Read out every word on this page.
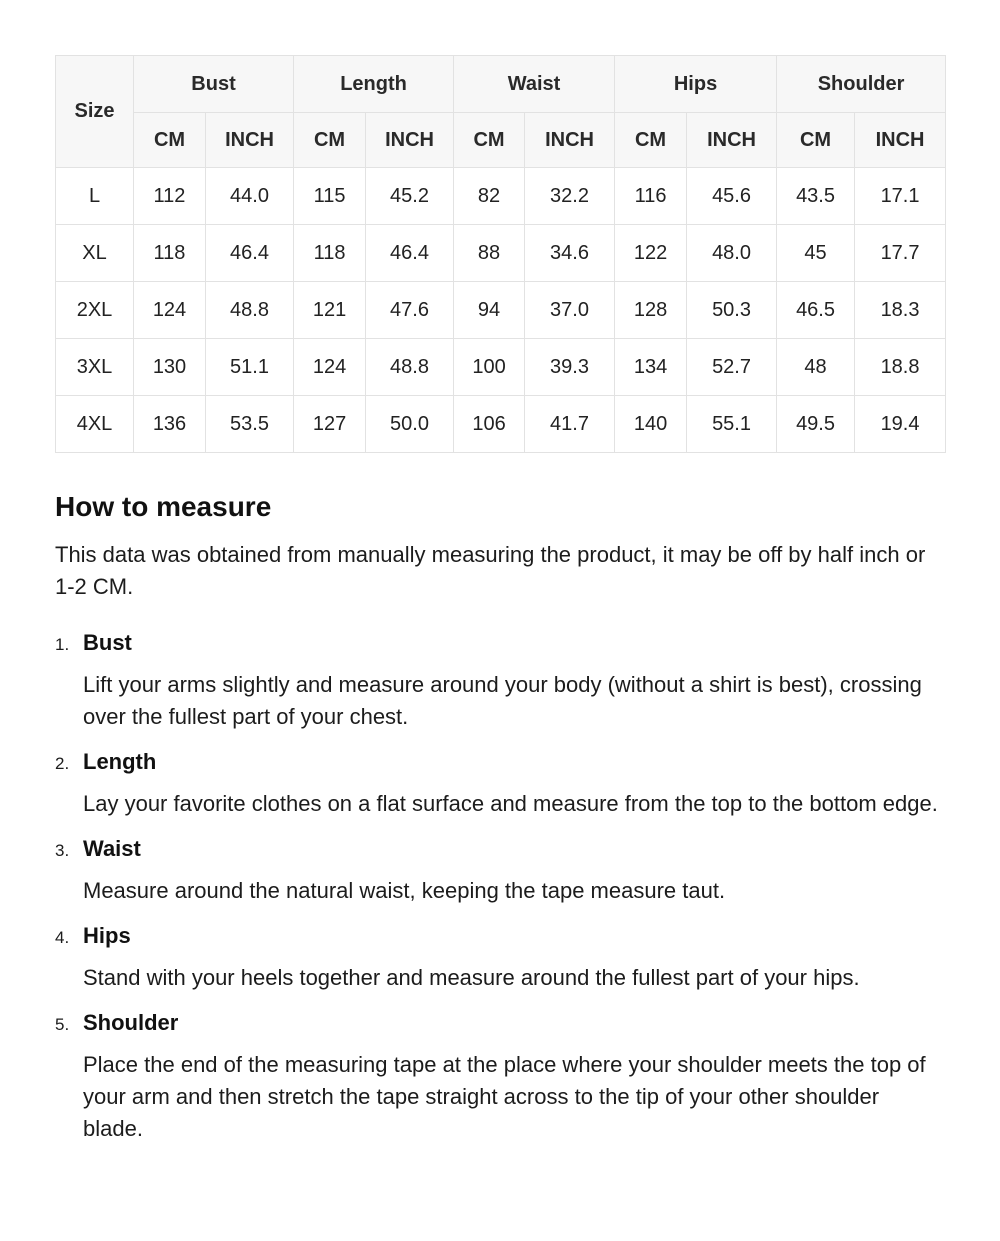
Size	Bust		Length		Waist		Hips		Shoulder	
	CM	INCH	CM	INCH	CM	INCH	CM	INCH	CM	INCH
L	112	44.0	115	45.2	82	32.2	116	45.6	43.5	17.1
XL	118	46.4	118	46.4	88	34.6	122	48.0	45	17.7
2XL	124	48.8	121	47.6	94	37.0	128	50.3	46.5	18.3
3XL	130	51.1	124	48.8	100	39.3	134	52.7	48	18.8
4XL	136	53.5	127	50.0	106	41.7	140	55.1	49.5	19.4
How to measure

This data was obtained from manually measuring the product, it may be off by half inch or 1-2 CM.

1. Bust

Lift your arms slightly and measure around your body (without a shirt is best), crossing over the fullest part of your chest.

2. Length

Lay your favorite clothes on a flat surface and measure from the top to the bottom edge.

3. Waist

Measure around the natural waist, keeping the tape measure taut.

4. Hips

Stand with your heels together and measure around the fullest part of your hips.

5. Shoulder

Place the end of the measuring tape at the place where your shoulder meets the top of your arm and then stretch the tape straight across to the tip of your other shoulder blade.
